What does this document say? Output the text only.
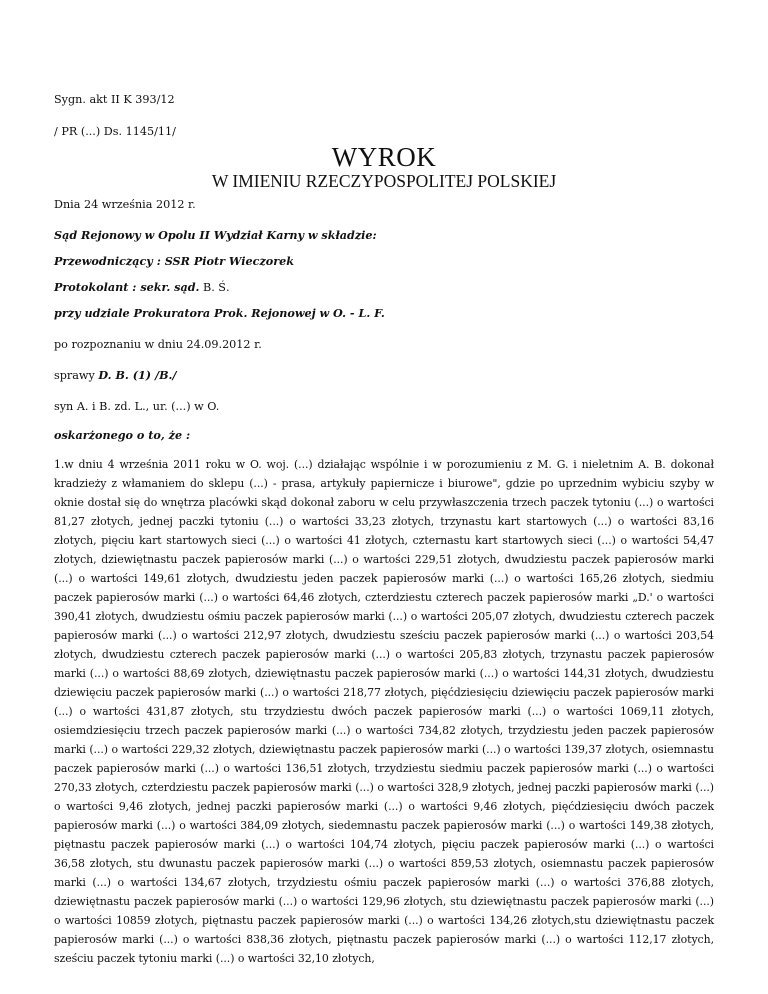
Sygn. akt II K 393/12
/ PR (...) Ds. 1145/11/
WYROK
W IMIENIU RZECZYPOSPOLITEJ POLSKIEJ
Dnia 24 września 2012 r.
Sąd Rejonowy w Opolu II Wydział Karny w składzie:
Przewodniczący : SSR Piotr Wieczorek
Protokolant : sekr. sąd. B. Ś.
przy udziale Prokuratora Prok. Rejonowej w O. - L. F.
po rozpoznaniu w dniu 24.09.2012 r.
sprawy D. B. (1) /B./
syn A. i B. zd. L., ur. (...) w O.
oskarżonego o to, że :
1.w dniu 4 września 2011 roku w O. woj. (...) działając wspólnie i w porozumieniu z M. G. i nieletnim A. B. dokonał kradzieży z włamaniem do sklepu (...) - prasa, artykuły papiernicze i biurowe", gdzie po uprzednim wybiciu szyby w oknie dostał się do wnętrza placówki skąd dokonał zaboru w celu przywłaszczenia trzech paczek tytoniu (...) o wartości 81,27 złotych, jednej paczki tytoniu (...) o wartości 33,23 złotych, trzynastu kart startowych (...) o wartości 83,16 złotych, pięciu kart startowych sieci (...) o wartości 41 złotych, czternastu kart startowych sieci (...) o wartości 54,47 złotych, dziewiętnastu paczek papierosów marki (...) o wartości 229,51 złotych, dwudziestu paczek papierosów marki (...) o wartości 149,61 złotych, dwudziestu jeden paczek papierosów marki (...) o wartości 165,26 złotych, siedmiu paczek papierosów marki (...) o wartości 64,46 złotych, czterdziestu czterech paczek papierosów marki „D.' o wartości 390,41 złotych, dwudziestu ośmiu paczek papierosów marki (...) o wartości 205,07 złotych, dwudziestu czterech paczek papierosów marki (...) o wartości 212,97 złotych, dwudziestu sześciu paczek papierosów marki (...) o wartości 203,54 złotych, dwudziestu czterech paczek papierosów marki (...) o wartości 205,83 złotych, trzynastu paczek papierosów marki (...) o wartości 88,69 złotych, dziewiętnastu paczek papierosów marki (...) o wartości 144,31 złotych, dwudziestu dziewięciu paczek papierosów marki (...) o wartości 218,77 złotych, pięćdziesięciu dziewięciu paczek papierosów marki (...) o wartości 431,87 złotych, stu trzydziestu dwóch paczek papierosów marki (...) o wartości 1069,11 złotych, osiemdziesięciu trzech paczek papierosów marki (...) o wartości 734,82 złotych, trzydziestu jeden paczek papierosów marki (...) o wartości 229,32 złotych, dziewiętnastu paczek papierosów marki (...) o wartości 139,37 złotych, osiemnastu paczek papierosów marki (...) o wartości 136,51 złotych, trzydziestu siedmiu paczek papierosów marki (...) o wartości 270,33 złotych, czterdziestu paczek papierosów marki (...) o wartości 328,9 złotych, jednej paczki papierosów marki (...) o wartości 9,46 złotych, jednej paczki papierosów marki (...) o wartości 9,46 złotych, pięćdziesięciu dwóch paczek papierosów marki (...) o wartości 384,09 złotych, siedemnastu paczek papierosów marki (...) o wartości 149,38 złotych, piętnastu paczek papierosów marki (...) o wartości 104,74 złotych, pięciu paczek papierosów marki (...) o wartości 36,58 złotych, stu dwunastu paczek papierosów marki (...) o wartości 859,53 złotych, osiemnastu paczek papierosów marki (...) o wartości 134,67 złotych, trzydziestu ośmiu paczek papierosów marki (...) o wartości 376,88 złotych, dziewiętnastu paczek papierosów marki (...) o wartości 129,96 złotych, stu dziewiętnastu paczek papierosów marki (...) o wartości 10859 złotych, piętnastu paczek papierosów marki (...) o wartości 134,26 złotych,stu dziewiętnastu paczek papierosów marki (...) o wartości 838,36 złotych, piętnastu paczek papierosów marki (...) o wartości 112,17 złotych, sześciu paczek tytoniu marki (...) o wartości 32,10 złotych,
